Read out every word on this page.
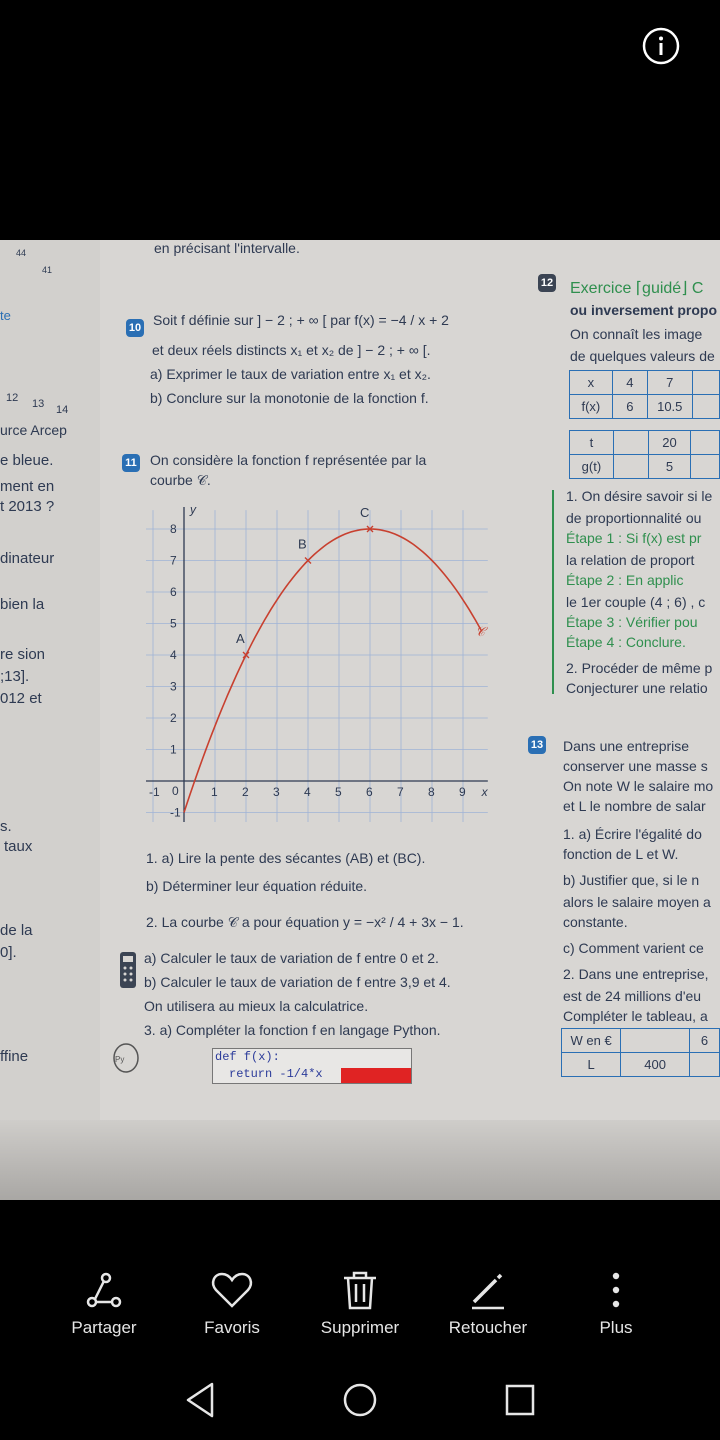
44
41
te
12 13 14
urce Arcep
e bleue.
ment en
t 2013 ?
dinateur
bien la
re sion
;13].
012 et
s.
taux
de la
0].
ffine
en précisant l'intervalle.
10 Soit f définie sur ] − 2 ; + ∞ [ par f(x) = −4 / x + 2
et deux réels distincts x₁ et x₂ de ] − 2 ; + ∞ [.
a) Exprimer le taux de variation entre x₁ et x₂.
b) Conclure sur la monotonie de la fonction f.
11 On considère la fonction f représentée par la
courbe 𝒞.
-1 0	1 2 3 4 5 6 7 8 9
-1
1
2
3
4
5
6
7
8
x
y
𝒞
A
B
C
1. a) Lire la pente des sécantes (AB) et (BC).
b) Déterminer leur équation réduite.
2. La courbe 𝒞 a pour équation y = −x² / 4 + 3x − 1.
a) Calculer le taux de variation de f entre 0 et 2.
b) Calculer le taux de variation de f entre 3,9 et 4.
On utilisera au mieux la calculatrice.
3. a) Compléter la fonction f en langage Python.
Py	def f(x):
return -1/4*x
12 Exercice ⌈guidé⌋ C
ou inversement propo
On connaît les image
de quelques valeurs de
x	4	7	
f(x)	6	10.5	
t		20	
g(t)		5	
1. On désire savoir si le
de proportionnalité ou
Étape 1 : Si f(x) est pr
la relation de proport
Étape 2 : En applic
le 1er couple (4 ; 6) , c
Étape 3 : Vérifier pou
Étape 4 : Conclure.
2. Procéder de même p
Conjecturer une relatio
13 Dans une entreprise
conserver une masse s
On note W le salaire mo
et L le nombre de salar
1. a) Écrire l'égalité do
fonction de L et W.
b) Justifier que, si le n
alors le salaire moyen a
constante.
c) Comment varient ce
2. Dans une entreprise,
est de 24 millions d'eu
Compléter le tableau, a
W en €		6
L	400	
Partager	Favoris	Supprimer	Retoucher	Plus
